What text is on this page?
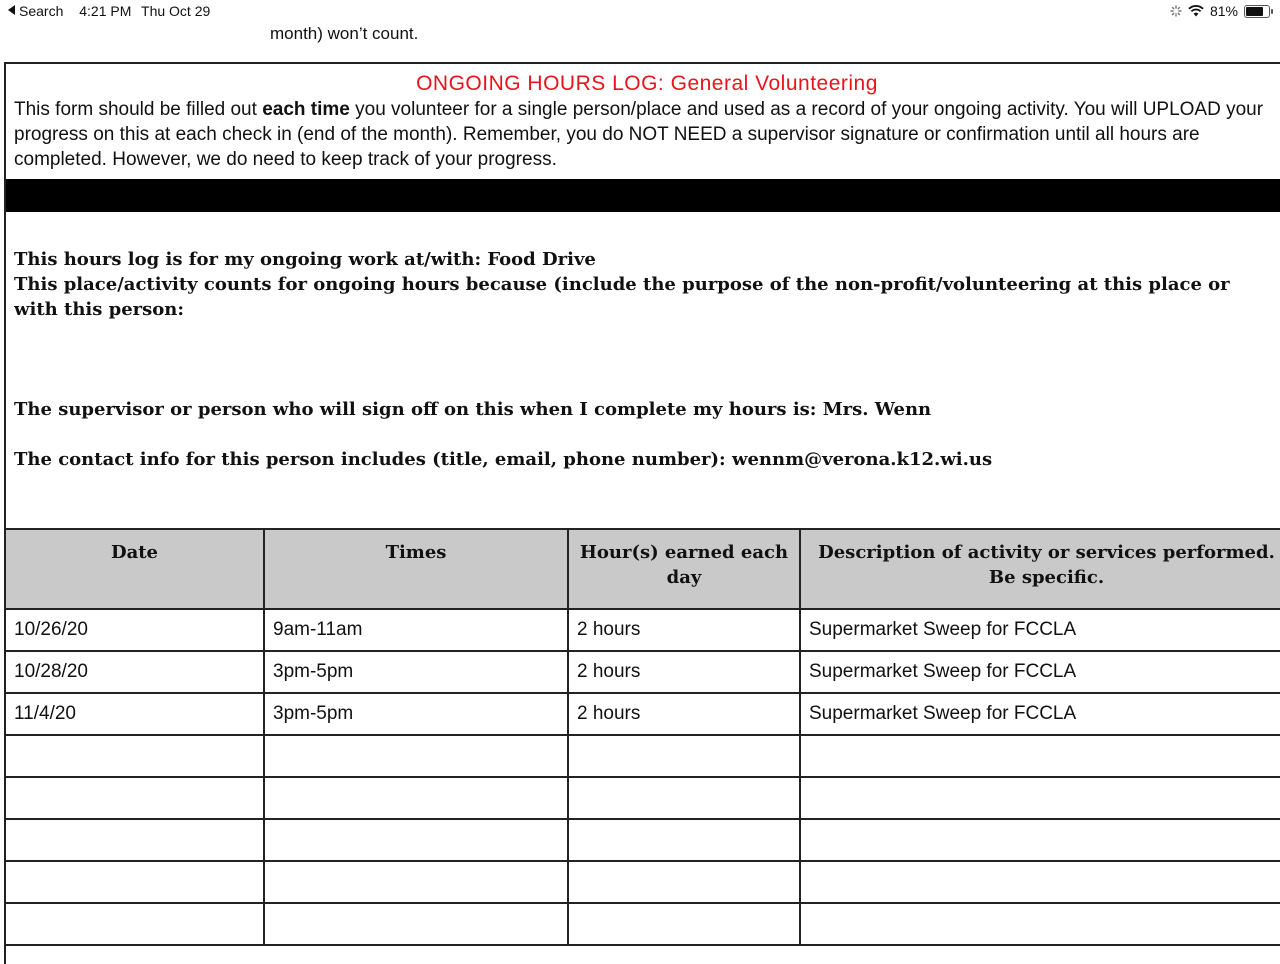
Search 4:21 PM Thu Oct 29	81%
month) won’t count.
ONGOING HOURS LOG: General Volunteering
This form should be filled out each time you volunteer for a single person/place and used as a record of your ongoing activity. You will UPLOAD your progress on this at each check in (end of the month). Remember, you do NOT NEED a supervisor signature or confirmation until all hours are completed. However, we do need to keep track of your progress.
This hours log is for my ongoing work at/with: Food Drive
This place/activity counts for ongoing hours because (include the purpose of the non-profit/volunteering at this place or with this person:
The supervisor or person who will sign off on this when I complete my hours is: Mrs. Wenn
The contact info for this person includes (title, email, phone number): wennm@verona.k12.wi.us
Date	Times	Hour(s) earned each day	Description of activity or services performed. Be specific.
10/26/20	9am-11am	2 hours	Supermarket Sweep for FCCLA
10/28/20	3pm-5pm	2 hours	Supermarket Sweep for FCCLA
11/4/20	3pm-5pm	2 hours	Supermarket Sweep for FCCLA
